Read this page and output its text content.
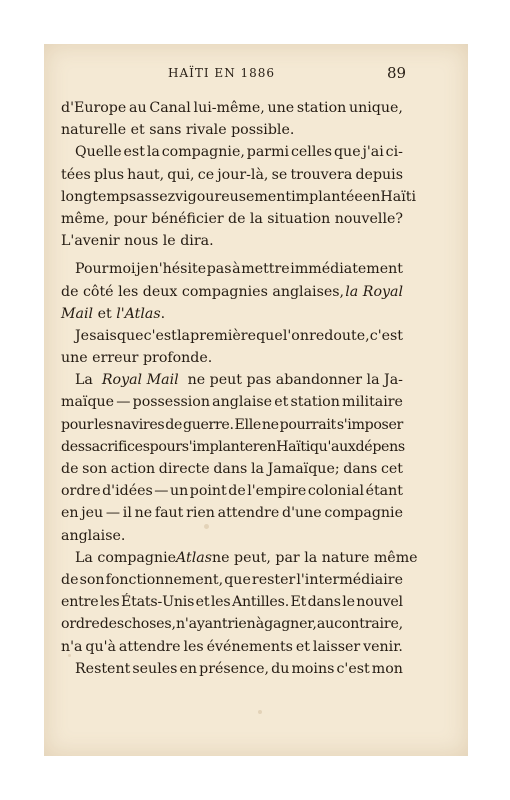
HAÏTI EN 1886	89
d'Europe au Canal lui-même, une station unique,
naturelle et sans rivale possible.
Quelle est la compagnie, parmi celles que j'ai ci-
tées plus haut, qui, ce jour-là, se trouvera depuis
longtemps assez vigoureusement implantée en Haïti
même, pour bénéficier de la situation nouvelle?
L'avenir nous le dira.
Pour moi je n'hésite pas à mettre immédiatement
de côté les deux compagnies anglaises, la Royal
Mail
et
l'Atlas .
Je sais que c'est la première que l'on redoute, c'est
une erreur profonde.
La Royal Mail ne peut pas abandonner la Ja-
maïque — possession anglaise et station militaire
pour les navires de guerre. Elle ne pourrait s'imposer
des sacrifices pour s'implanter en Haïti qu'aux dépens
de son action directe dans la Jamaïque; dans cet
ordre d'idées — un point de l'empire colonial étant
en jeu — il ne faut rien attendre d'une compagnie
anglaise.
La compagnie Atlas ne peut, par la nature même
de son fonctionnement, que rester l'intermédiaire
entre les États-Unis et les Antilles. Et dans le nouvel
ordre des choses, n'ayant rien à gagner, au contraire,
n'a qu'à attendre les événements et laisser venir.
Restent seules en présence, du moins c'est mon
